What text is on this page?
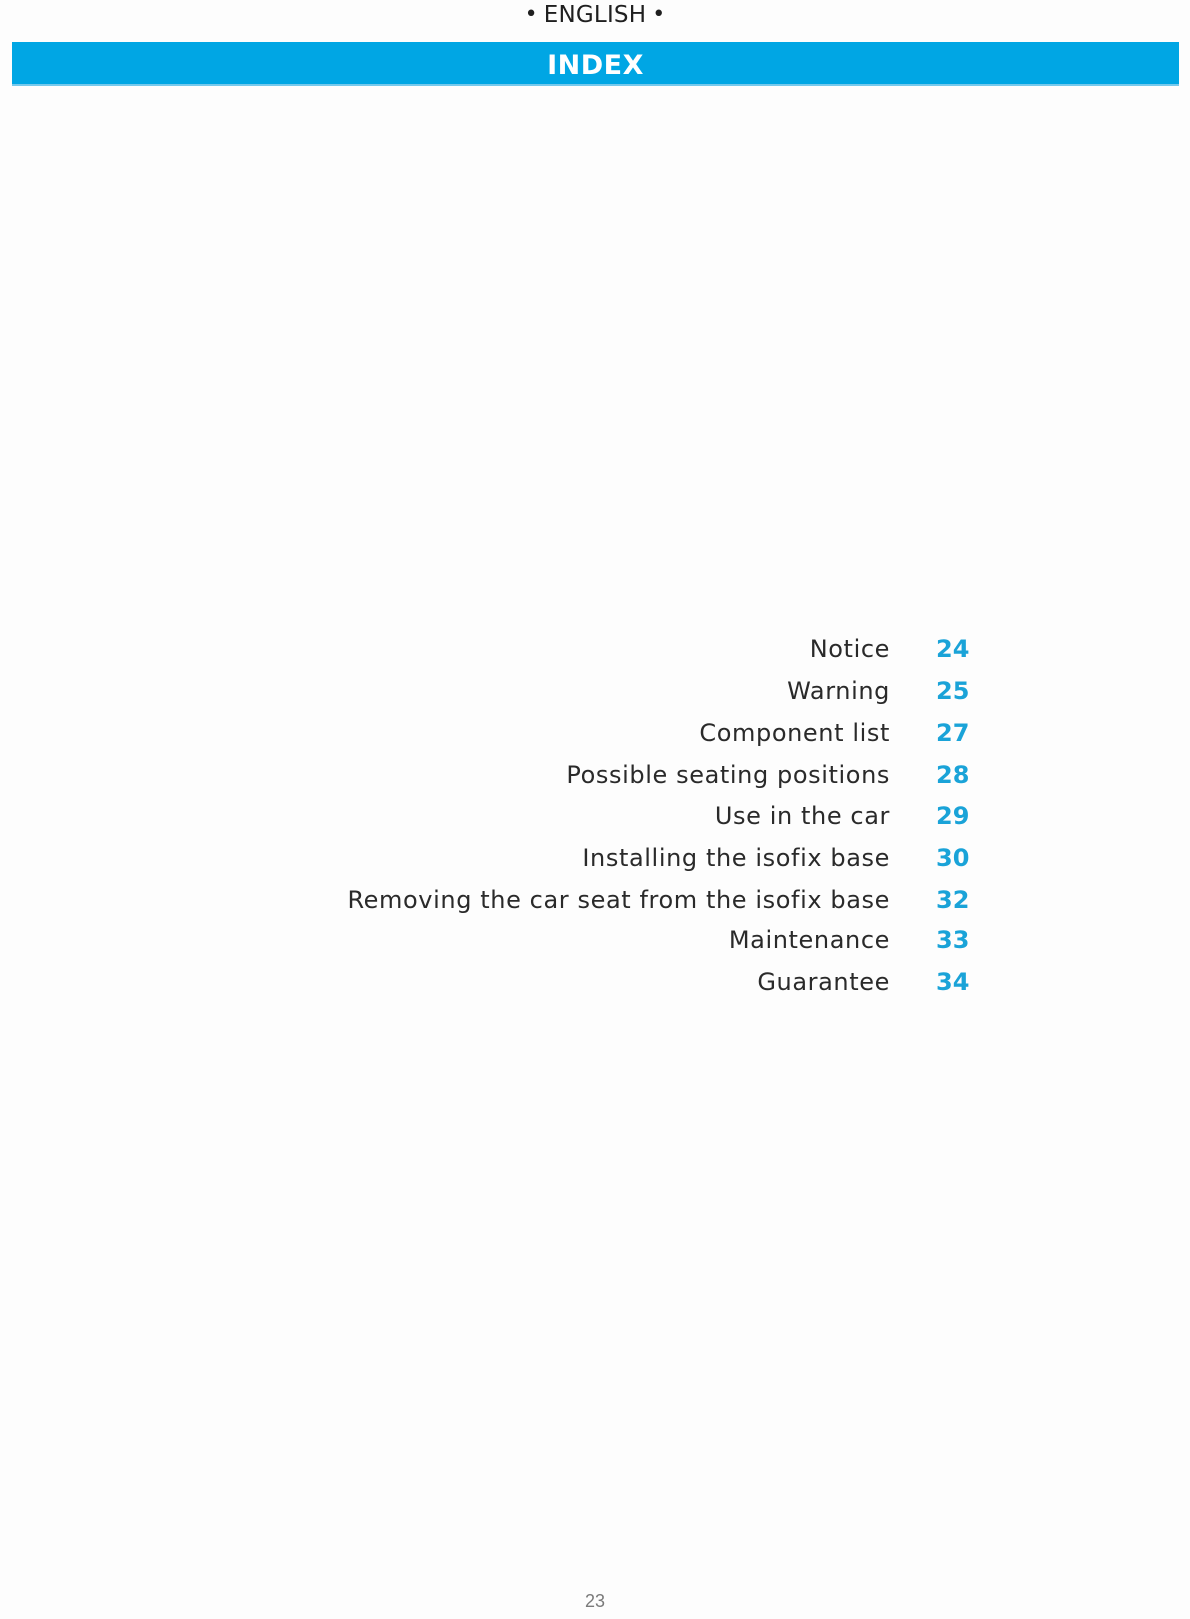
• ENGLISH •
INDEX
Notice 24
Warning 25
Component list 27
Possible seating positions 28
Use in the car 29
Installing the isofix base 30
Removing the car seat from the isofix base 32
Maintenance 33
Guarantee 34
23
